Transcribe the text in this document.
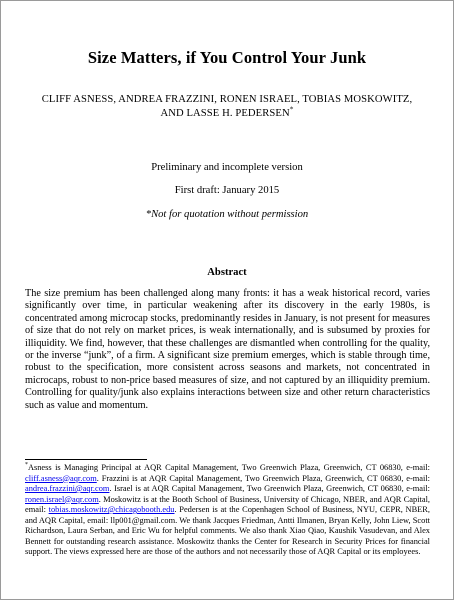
Size Matters, if You Control Your Junk
CLIFF ASNESS, ANDREA FRAZZINI, RONEN ISRAEL, TOBIAS MOSKOWITZ, AND LASSE H. PEDERSEN*
Preliminary and incomplete version
First draft: January 2015
*Not for quotation without permission
Abstract
The size premium has been challenged along many fronts: it has a weak historical record, varies significantly over time, in particular weakening after its discovery in the early 1980s, is concentrated among microcap stocks, predominantly resides in January, is not present for measures of size that do not rely on market prices, is weak internationally, and is subsumed by proxies for illiquidity. We find, however, that these challenges are dismantled when controlling for the quality, or the inverse “junk”, of a firm. A significant size premium emerges, which is stable through time, robust to the specification, more consistent across seasons and markets, not concentrated in microcaps, robust to non-price based measures of size, and not captured by an illiquidity premium. Controlling for quality/junk also explains interactions between size and other return characteristics such as value and momentum.
*Asness is Managing Principal at AQR Capital Management, Two Greenwich Plaza, Greenwich, CT 06830, e-mail: cliff.asness@aqr.com. Frazzini is at AQR Capital Management, Two Greenwich Plaza, Greenwich, CT 06830, e-mail: andrea.frazzini@aqr.com. Israel is at AQR Capital Management, Two Greenwich Plaza, Greenwich, CT 06830, e-mail: ronen.israel@aqr.com. Moskowitz is at the Booth School of Business, University of Chicago, NBER, and AQR Capital, email: tobias.moskowitz@chicagobooth.edu. Pedersen is at the Copenhagen School of Business, NYU, CEPR, NBER, and AQR Capital, email: llp001@gmail.com. We thank Jacques Friedman, Antti Ilmanen, Bryan Kelly, John Liew, Scott Richardson, Laura Serban, and Eric Wu for helpful comments. We also thank Xiao Qiao, Kaushik Vasudevan, and Alex Bennett for outstanding research assistance. Moskowitz thanks the Center for Research in Security Prices for financial support. The views expressed here are those of the authors and not necessarily those of AQR Capital or its employees.
